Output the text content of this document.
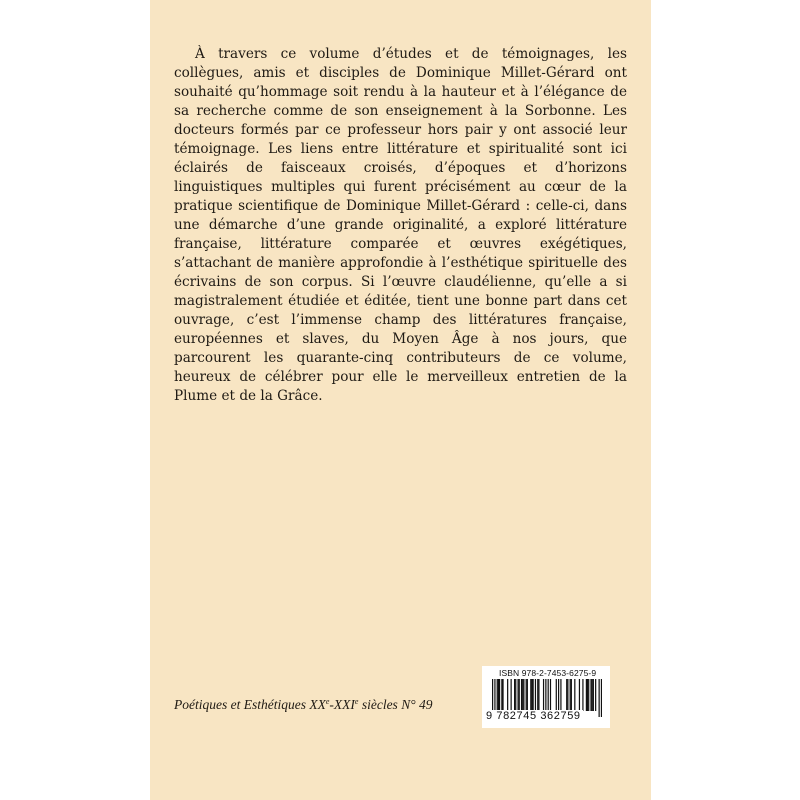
À travers ce volume d’études et de témoignages, les collègues, amis et disciples de Dominique Millet-Gérard ont souhaité qu’hommage soit rendu à la hauteur et à l’élégance de sa recherche comme de son enseignement à la Sorbonne. Les docteurs formés par ce professeur hors pair y ont associé leur témoignage. Les liens entre littérature et spiritualité sont ici éclairés de faisceaux croisés, d’époques et d’horizons linguistiques multiples qui furent précisément au cœur de la pratique scientifique de Dominique Millet-Gérard : celle-ci, dans une démarche d’une grande originalité, a exploré littérature française, littérature comparée et œuvres exégétiques, s’attachant de manière approfondie à l’esthétique spirituelle des écrivains de son corpus. Si l’œuvre claudélienne, qu’elle a si magistralement étudiée et éditée, tient une bonne part dans cet ouvrage, c’est l’immense champ des littératures française, européennes et slaves, du Moyen Âge à nos jours, que parcourent les quarante-cinq contributeurs de ce volume, heureux de célébrer pour elle le merveilleux entretien de la Plume et de la Grâce.

Poétiques et Esthétiques XXe-XXIe siècles N° 49
ISBN 978-2-7453-6275-9
9 782745 362759
